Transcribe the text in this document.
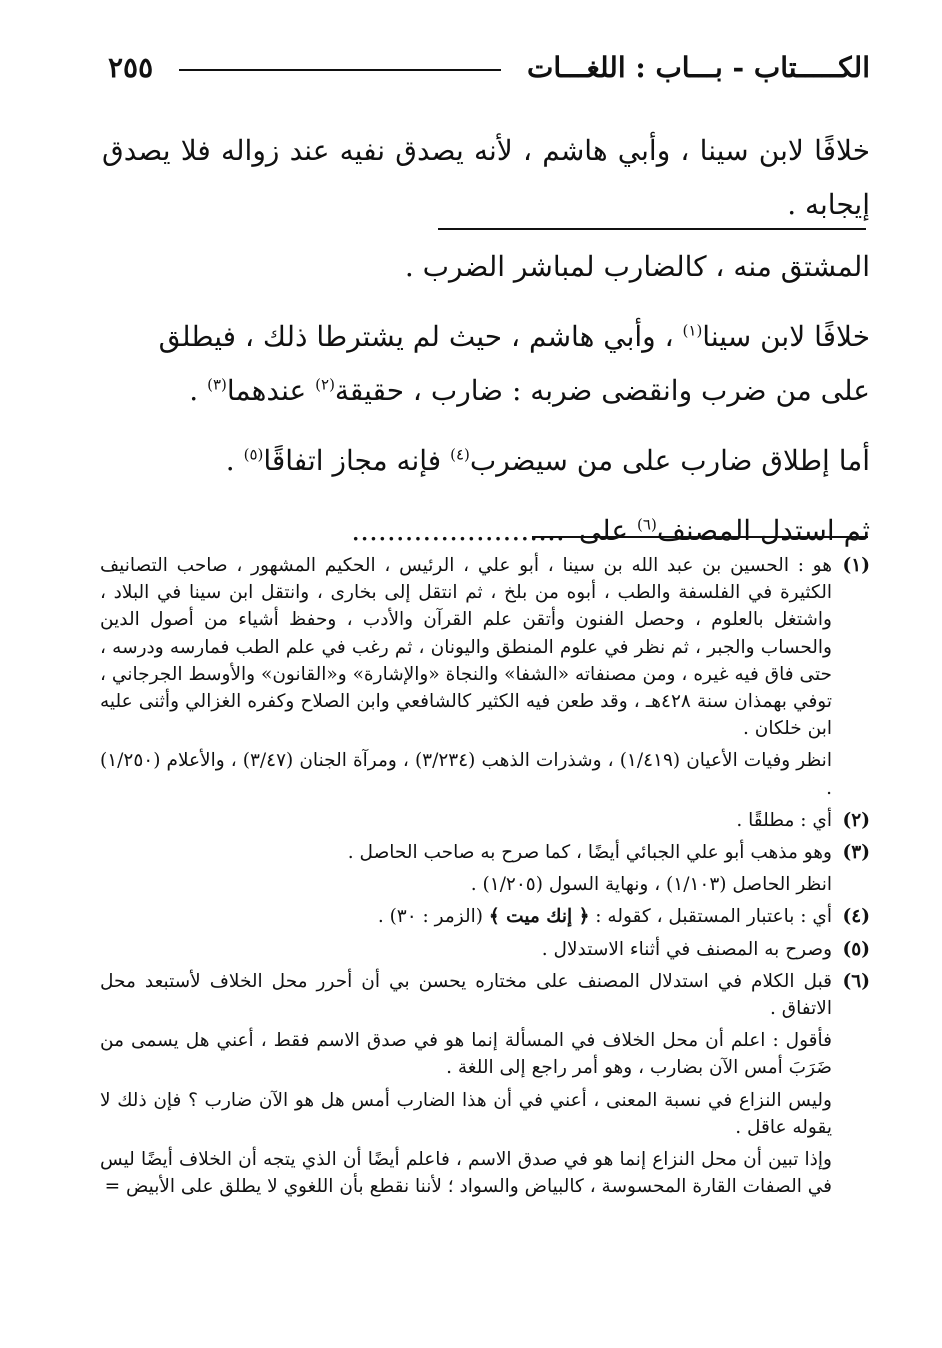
الكـــــتاب - بـــاب : اللغـــات
٢٥٥
خلافًا لابن سينا ، وأبي هاشم ، لأنه يصدق نفيه عند زواله فلا يصدق إيجابه .
المشتق منه ، كالضارب لمباشر الضرب .
خلافًا لابن سينا$^{(١)}$ ، وأبي هاشم ، حيث لم يشترطا ذلك ، فيطلق
على من ضرب وانقضى ضربه : ضارب ، حقيقة$^{(٢)}$ عندهما$^{(٣)}$ .
أما إطلاق ضارب على من سيضرب$^{(٤)}$ فإنه مجاز اتفاقًا$^{(٥)}$ .
ثم استدل المصنف$^{(٦)}$ على........................
(١)

هو : الحسين بن عبد الله بن سينا ، أبو علي ، الرئيس ، الحكيم المشهور ، صاحب التصانيف الكثيرة في الفلسفة والطب ، أبوه من بلخ ، ثم انتقل إلى بخارى ، وانتقل ابن سينا في البلاد ، واشتغل بالعلوم ، وحصل الفنون وأتقن علم القرآن والأدب ، وحفظ أشياء من أصول الدين والحساب والجبر ، ثم نظر في علوم المنطق واليونان ، ثم رغب في علم الطب فمارسه ودرسه ، حتى فاق فيه غيره ، ومن مصنفاته «الشفا» والنجاة «والإشارة» و«القانون» والأوسط الجرجاني ، توفي بهمذان سنة ٤٢٨هـ ، وقد طعن فيه الكثير كالشافعي وابن الصلاح وكفره الغزالي وأثنى عليه ابن خلكان .

انظر وفيات الأعيان (١/٤١٩) ، وشذرات الذهب (٣/٢٣٤) ، ومرآة الجنان (٣/٤٧) ، والأعلام (١/٢٥٠) .

(٢)

أي : مطلقًا .

(٣)

وهو مذهب أبو علي الجبائي أيضًا ، كما صرح به صاحب الحاصل .

انظر الحاصل (١/١٠٣) ، ونهاية السول (١/٢٠٥) .

(٤)

أي : باعتبار المستقبل ، كقوله : ﴿ إنك ميت ﴾ (الزمر : ٣٠) .

(٥)

وصرح به المصنف في أثناء الاستدلال .

(٦)

قبل الكلام في استدلال المصنف على مختاره يحسن بي أن أحرر محل الخلاف لأستبعد محل الاتفاق .

فأقول : اعلم أن محل الخلاف في المسألة إنما هو في صدق الاسم فقط ، أعني هل يسمى من ضَرَبَ أمس الآن بضارب ، وهو أمر راجع إلى اللغة .

وليس النزاع في نسبة المعنى ، أعني في أن هذا الضارب أمس هل هو الآن ضارب ؟ فإن ذلك لا يقوله عاقل .

وإذا تبين أن محل النزاع إنما هو في صدق الاسم ، فاعلم أيضًا أن الذي يتجه أن الخلاف أيضًا ليس في الصفات القارة المحسوسة ، كالبياض والسواد ؛ لأننا نقطع بأن اللغوي لا يطلق على الأبيض =
